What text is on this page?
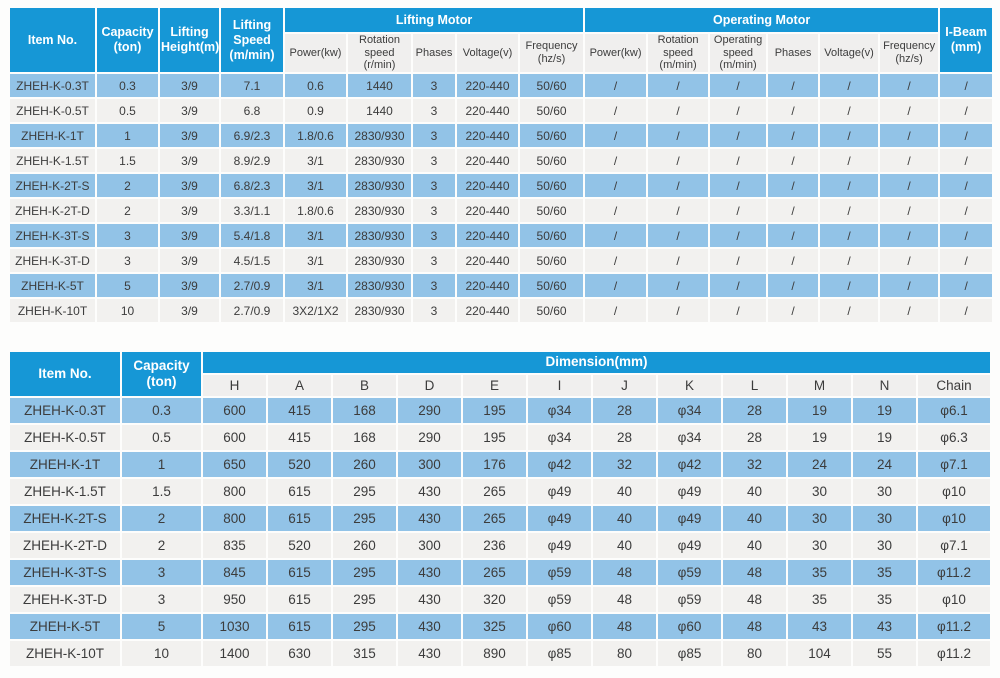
Item No.	Capacity (ton)	Lifting Height(m)	Lifting Speed (m/min)	Lifting Motor					Operating Motor						I-Beam (mm)
				Power(kw)	Rotation speed (r/min)	Phases	Voltage(v)	Frequency (hz/s)	Power(kw)	Rotation speed (m/min)	Operating speed (m/min)	Phases	Voltage(v)	Frequency (hz/s)	
ZHEH-K-0.3T	0.3	3/9	7.1	0.6	1440	3	220-440	50/60	/	/	/	/	/	/	/
ZHEH-K-0.5T	0.5	3/9	6.8	0.9	1440	3	220-440	50/60	/	/	/	/	/	/	/
ZHEH-K-1T	1	3/9	6.9/2.3	1.8/0.6	2830/930	3	220-440	50/60	/	/	/	/	/	/	/
ZHEH-K-1.5T	1.5	3/9	8.9/2.9	3/1	2830/930	3	220-440	50/60	/	/	/	/	/	/	/
ZHEH-K-2T-S	2	3/9	6.8/2.3	3/1	2830/930	3	220-440	50/60	/	/	/	/	/	/	/
ZHEH-K-2T-D	2	3/9	3.3/1.1	1.8/0.6	2830/930	3	220-440	50/60	/	/	/	/	/	/	/
ZHEH-K-3T-S	3	3/9	5.4/1.8	3/1	2830/930	3	220-440	50/60	/	/	/	/	/	/	/
ZHEH-K-3T-D	3	3/9	4.5/1.5	3/1	2830/930	3	220-440	50/60	/	/	/	/	/	/	/
ZHEH-K-5T	5	3/9	2.7/0.9	3/1	2830/930	3	220-440	50/60	/	/	/	/	/	/	/
ZHEH-K-10T	10	3/9	2.7/0.9	3X2/1X2	2830/930	3	220-440	50/60	/	/	/	/	/	/	/
Item No.	Capacity (ton)	Dimension(mm)											
		H	A	B	D	E	I	J	K	L	M	N	Chain
ZHEH-K-0.3T	0.3	600	415	168	290	195	φ34	28	φ34	28	19	19	φ6.1
ZHEH-K-0.5T	0.5	600	415	168	290	195	φ34	28	φ34	28	19	19	φ6.3
ZHEH-K-1T	1	650	520	260	300	176	φ42	32	φ42	32	24	24	φ7.1
ZHEH-K-1.5T	1.5	800	615	295	430	265	φ49	40	φ49	40	30	30	φ10
ZHEH-K-2T-S	2	800	615	295	430	265	φ49	40	φ49	40	30	30	φ10
ZHEH-K-2T-D	2	835	520	260	300	236	φ49	40	φ49	40	30	30	φ7.1
ZHEH-K-3T-S	3	845	615	295	430	265	φ59	48	φ59	48	35	35	φ11.2
ZHEH-K-3T-D	3	950	615	295	430	320	φ59	48	φ59	48	35	35	φ10
ZHEH-K-5T	5	1030	615	295	430	325	φ60	48	φ60	48	43	43	φ11.2
ZHEH-K-10T	10	1400	630	315	430	890	φ85	80	φ85	80	104	55	φ11.2
